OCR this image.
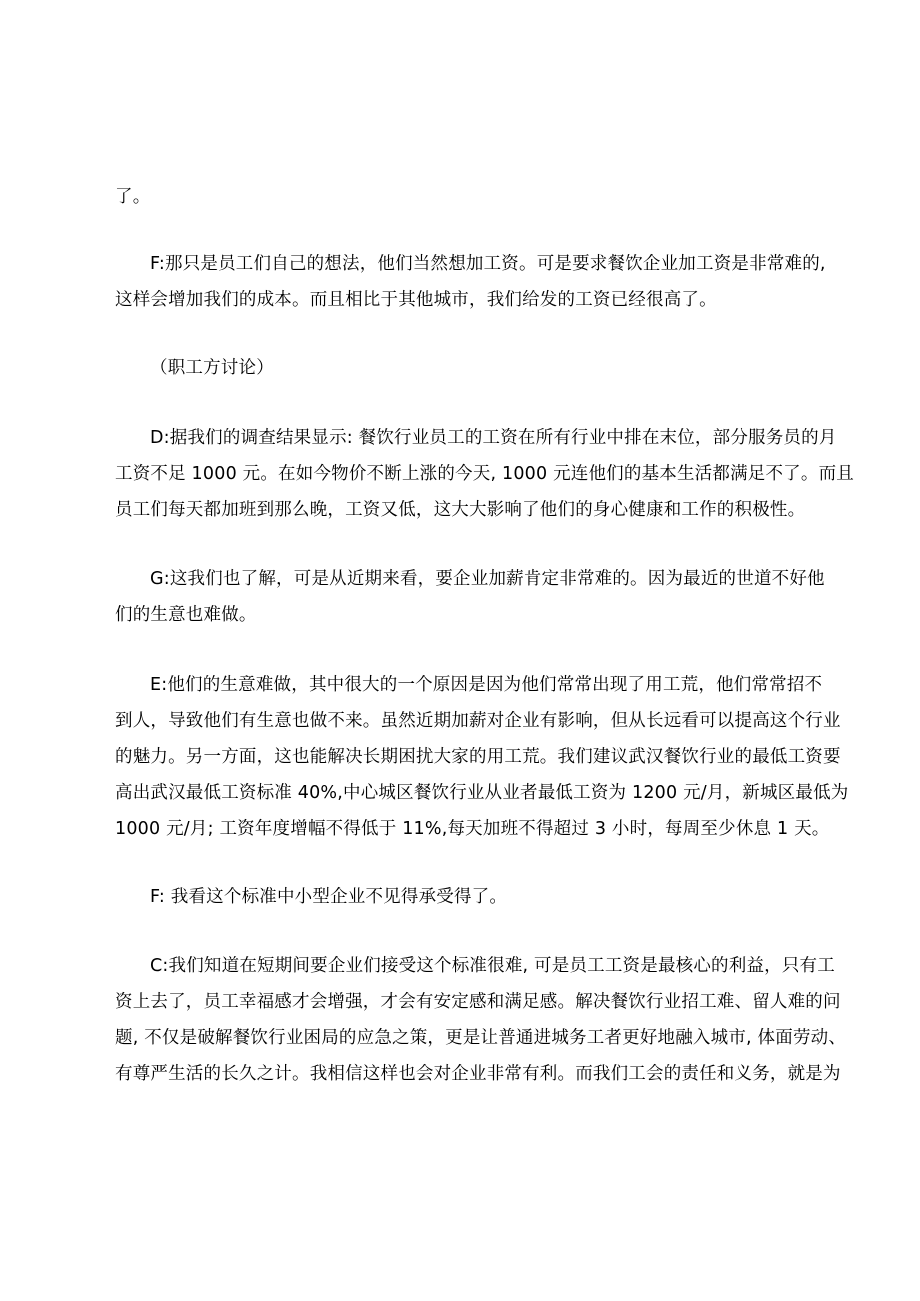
了。
F:那只是员工们自己的想法，他们当然想加工资。可是要求餐饮企业加工资是非常难的,
这样会增加我们的成本。而且相比于其他城市，我们给发的工资已经很高了。
（职工方讨论）
D:据我们的调查结果显示: 餐饮行业员工的工资在所有行业中排在末位，部分服务员的月
工资不足 1000 元。在如今物价不断上涨的今天, 1000 元连他们的基本生活都满足不了。而且
员工们每天都加班到那么晚，工资又低，这大大影响了他们的身心健康和工作的积极性。
G:这我们也了解，可是从近期来看，要企业加薪肯定非常难的。因为最近的世道不好他
们的生意也难做。
E:他们的生意难做，其中很大的一个原因是因为他们常常出现了用工荒，他们常常招不
到人，导致他们有生意也做不来。虽然近期加薪对企业有影响，但从长远看可以提高这个行业
的魅力。另一方面，这也能解决长期困扰大家的用工荒。我们建议武汉餐饮行业的最低工资要
高出武汉最低工资标准 40%,中心城区餐饮行业从业者最低工资为 1200 元/月，新城区最低为
1000 元/月; 工资年度增幅不得低于 11%,每天加班不得超过 3 小时，每周至少休息 1 天。
F: 我看这个标准中小型企业不见得承受得了。
C:我们知道在短期间要企业们接受这个标准很难, 可是员工工资是最核心的利益，只有工
资上去了，员工幸福感才会增强，才会有安定感和满足感。解决餐饮行业招工难、留人难的问
题, 不仅是破解餐饮行业困局的应急之策，更是让普通进城务工者更好地融入城市, 体面劳动、
有尊严生活的长久之计。我相信这样也会对企业非常有利。而我们工会的责任和义务，就是为
